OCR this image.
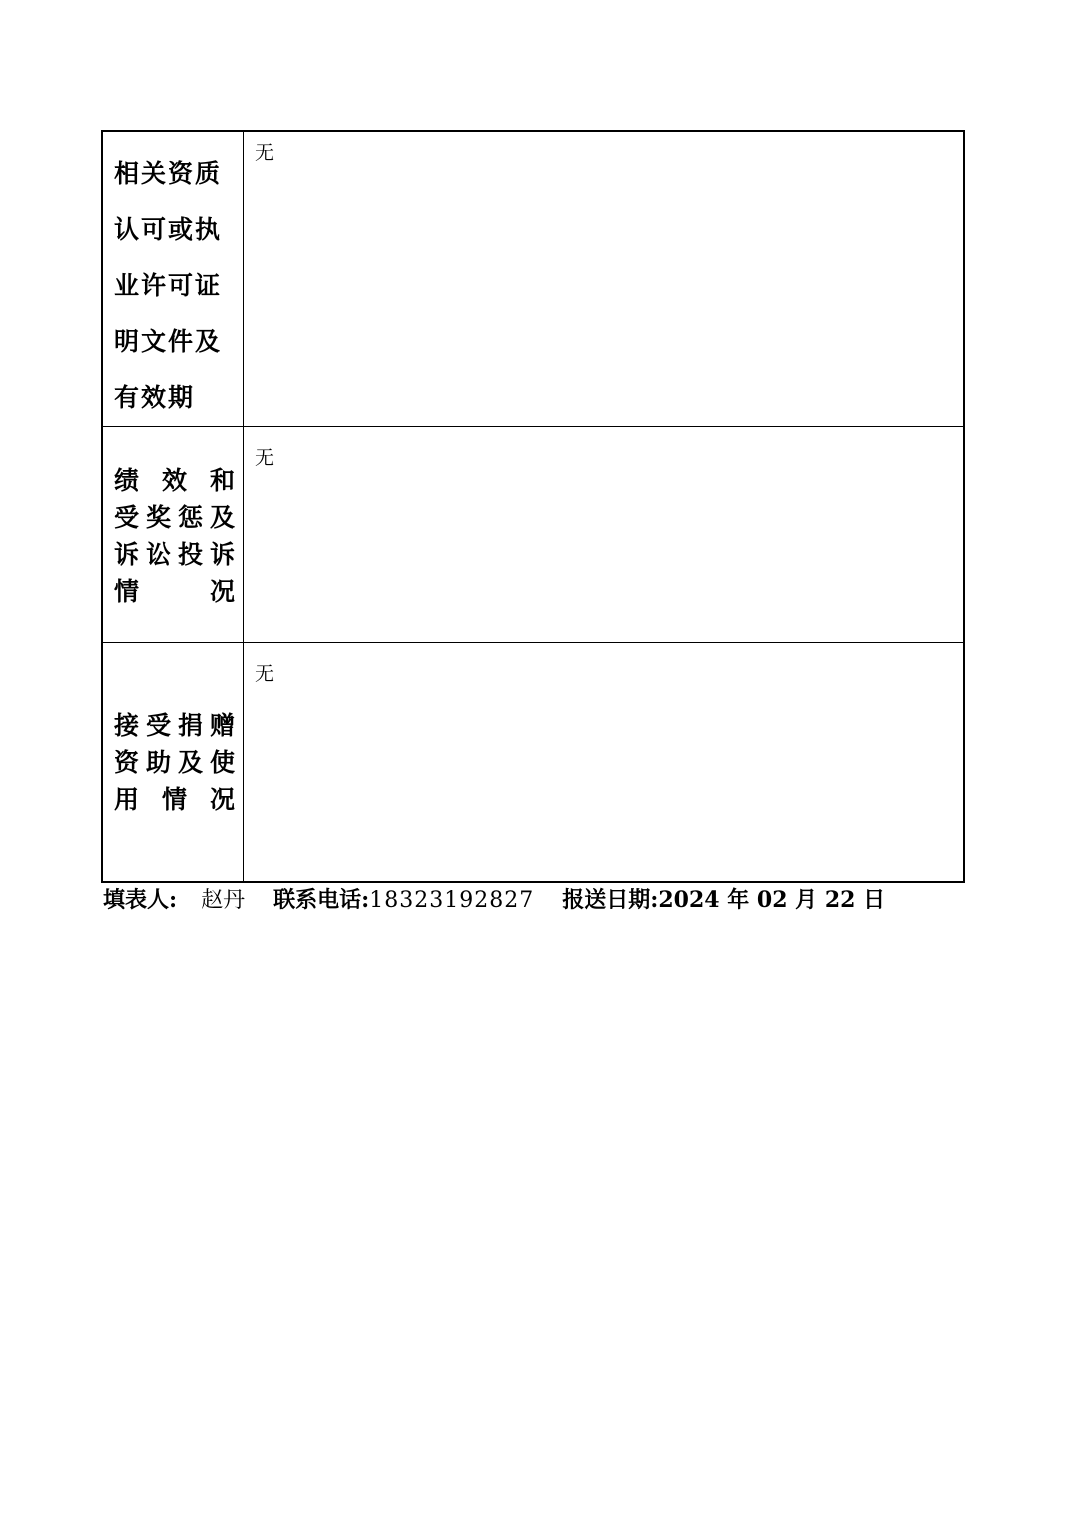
相关资质认可或执业许可证明文件及有效期	无

绩效和
受奖惩及
诉讼投诉
情况	无

接受捐赠
资助及使
用情况	无
填表人: 赵丹 联系电话:18323192827 报送日期:2024 年 02 月 22 日
